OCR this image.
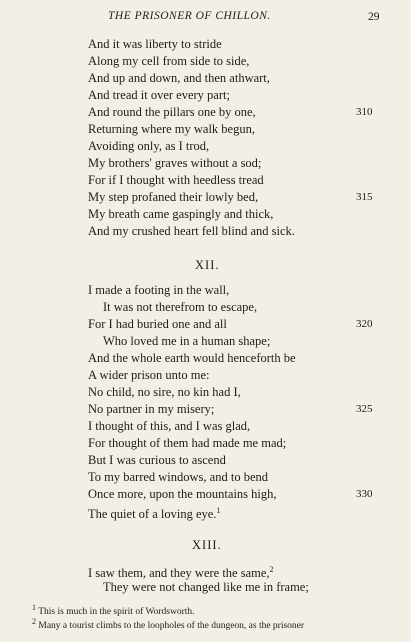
THE PRISONER OF CHILLON.	29
And it was liberty to stride
Along my cell from side to side,
And up and down, and then athwart,
And tread it over every part;
And round the pillars one by one,
Returning where my walk begun,
Avoiding only, as I trod,
My brothers' graves without a sod;
For if I thought with heedless tread
My step profaned their lowly bed,
My breath came gaspingly and thick,
And my crushed heart fell blind and sick.
310
315
XII.
I made a footing in the wall,
It was not therefrom to escape,
For I had buried one and all
Who loved me in a human shape;
And the whole earth would henceforth be
A wider prison unto me:
No child, no sire, no kin had I,
No partner in my misery;
I thought of this, and I was glad,
For thought of them had made me mad;
But I was curious to ascend
To my barred windows, and to bend
Once more, upon the mountains high,
The quiet of a loving eye.$^1$
320
325
330
XIII.
I saw them, and they were the same,$^2$
They were not changed like me in frame;
$^1$ This is much in the spirit of Wordsworth.
$^2$ Many a tourist climbs to the loopholes of the dungeon, as the prisoner
